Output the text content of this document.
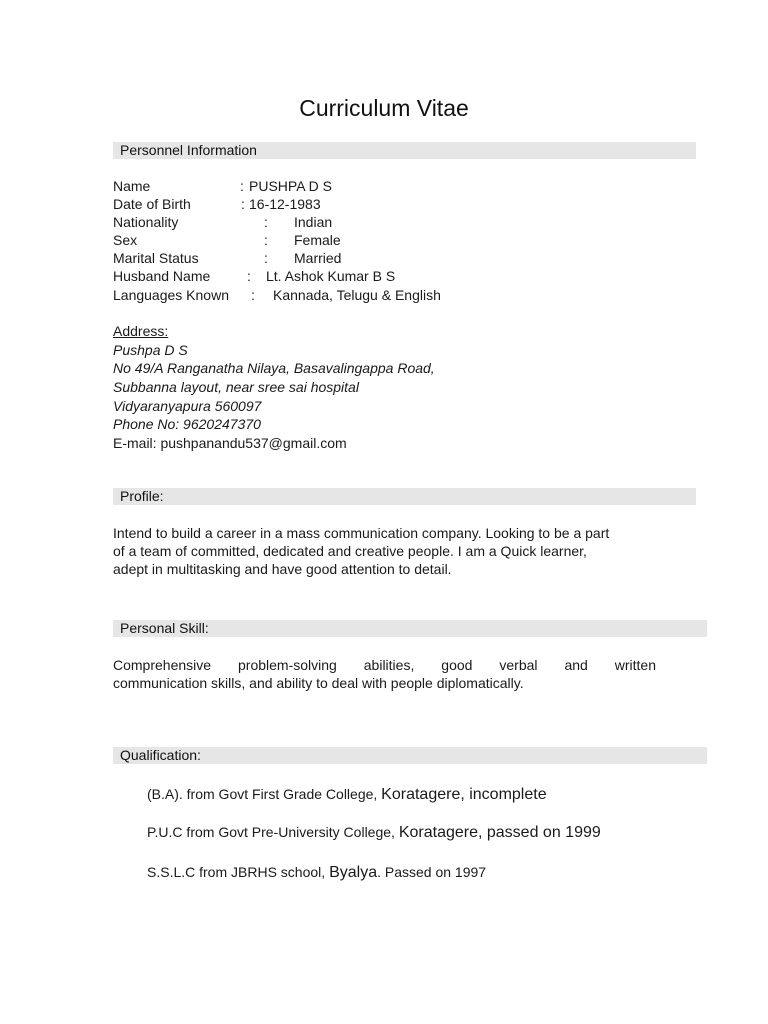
Curriculum Vitae
Personnel Information
Name	: PUSHPA D S
Date of Birth	: 16-12-1983
Nationality	: Indian
Sex	: Female
Marital Status	: Married
Husband Name	: Lt. Ashok Kumar B S
Languages Known : Kannada, Telugu & English
Address:
Pushpa D S
No 49/A Ranganatha Nilaya, Basavalingappa Road,
Subbanna layout, near sree sai hospital
Vidyaranyapura 560097
Phone No: 9620247370
E-mail: pushpanandu537@gmail.com
Profile:
Intend to build a career in a mass communication company. Looking to be a part
of a team of committed, dedicated and creative people. I am a Quick learner,
adept in multitasking and have good attention to detail.
Personal Skill:
Comprehensive problem-solving abilities, good verbal and written
communication skills, and ability to deal with people diplomatically.
Qualification:
(B.A). from Govt First Grade College, Koratagere, incomplete
P.U.C from Govt Pre-University College, Koratagere, passed on 1999
S.S.L.C from JBRHS school, Byalya. Passed on 1997
